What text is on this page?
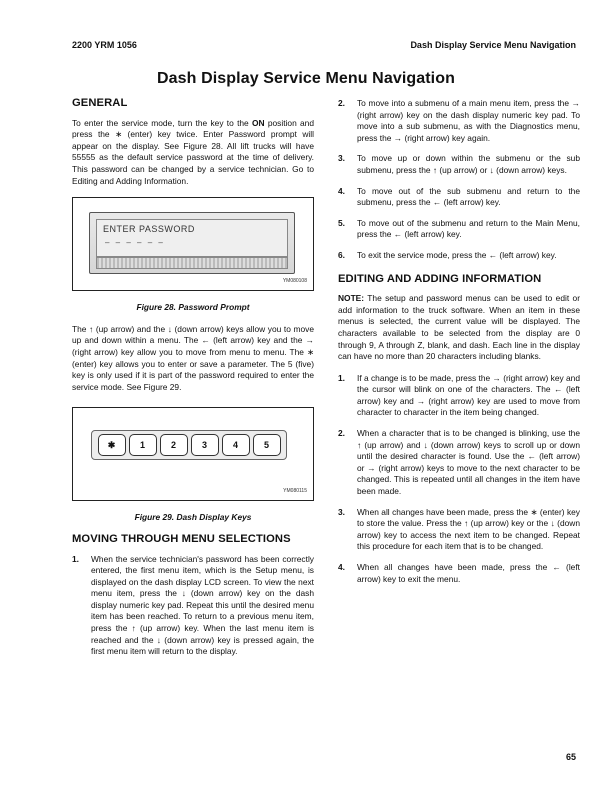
2200 YRM 1056	Dash Display Service Menu Navigation
Dash Display Service Menu Navigation
GENERAL

To enter the service mode, turn the key to the ON position and press the ∗ (enter) key twice. Enter Password prompt will appear on the display. See Figure 28. All lift trucks will have 55555 as the default service password at the time of delivery. This password can be changed by a service technician. Go to Editing and Adding Information.

ENTER PASSWORD
– – – – – –
YM080108
Figure 28. Password Prompt

The ↑ (up arrow) and the ↓ (down arrow) keys allow you to move up and down within a menu. The ← (left arrow) key and the → (right arrow) key allow you to move from menu to menu. The ∗ (enter) key allows you to enter or save a parameter. The 5 (five) key is only used if it is part of the password required to enter the service mode. See Figure 29.

✱	1	2	3	4	5
YM080115
Figure 29. Dash Display Keys
MOVING THROUGH MENU SELECTIONS
1. When the service technician's password has been correctly entered, the first menu item, which is the Setup menu, is displayed on the dash display LCD screen. To view the next menu item, press the ↓ (down arrow) key on the dash display numeric key pad. Repeat this until the desired menu item has been reached. To return to a previous menu item, press the ↑ (up arrow) key. When the last menu item is reached and the ↓ (down arrow) key is pressed again, the first menu item will return to the display.
2. To move into a submenu of a main menu item, press the → (right arrow) key on the dash display numeric key pad. To move into a sub submenu, as with the Diagnostics menu, press the → (right arrow) key again.
3. To move up or down within the submenu or the sub submenu, press the ↑ (up arrow) or ↓ (down arrow) keys.
4. To move out of the sub submenu and return to the submenu, press the ← (left arrow) key.
5. To move out of the submenu and return to the Main Menu, press the ← (left arrow) key.
6. To exit the service mode, press the ← (left arrow) key.
EDITING AND ADDING INFORMATION

NOTE: The setup and password menus can be used to edit or add information to the truck software. When an item in these menus is selected, the current value will be displayed. The characters available to be selected from the display are 0 through 9, A through Z, blank, and dash. Each line in the display can have no more than 20 characters including blanks.

1. If a change is to be made, press the → (right arrow) key and the cursor will blink on one of the characters. The ← (left arrow) key and → (right arrow) key are used to move from character to character in the item being changed.
2. When a character that is to be changed is blinking, use the ↑ (up arrow) and ↓ (down arrow) keys to scroll up or down until the desired character is found. Use the ← (left arrow) or → (right arrow) keys to move to the next character to be changed. This is repeated until all changes in the item have been made.
3. When all changes have been made, press the ∗ (enter) key to store the value. Press the ↑ (up arrow) key or the ↓ (down arrow) key to access the next item to be changed. Repeat this procedure for each item that is to be changed.
4. When all changes have been made, press the ← (left arrow) key to exit the menu.
65
